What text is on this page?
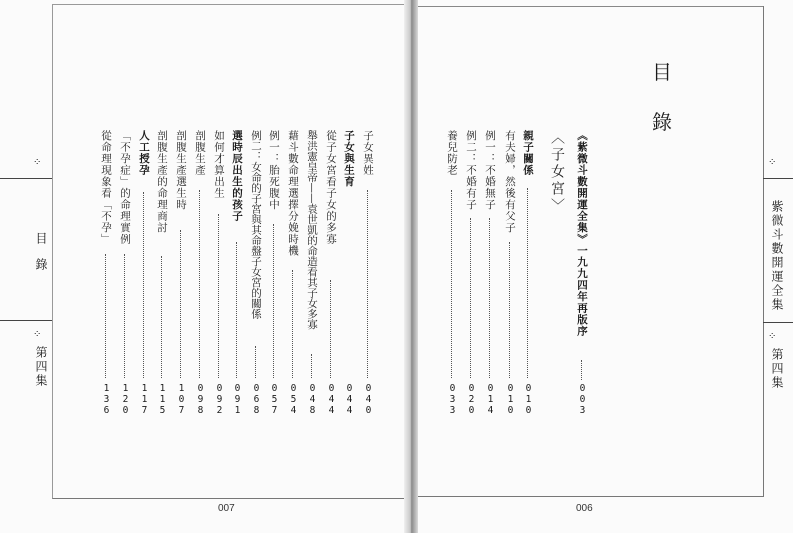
⁘
目錄
⁘
第四集
⁘
紫微斗數開運全集
⁘
第四集
目
錄
《紫微斗數開運全集》一九九四年再版序
003
〈子女宮〉
親子關係
010
有夫婦，然後有父子
010
例一：不婚無子
014
例二：不婚有子
020
養兒防老
033
子女異姓
040
子女與生育
044
從子女宮看子女的多寡
044
舉洪憲皇帝——袁世凱的命造看其子女多寡
048
藉斗數命理選擇分娩時機
054
例一：胎死腹中
057
例二：女命的子宮與其命盤子女宮的關係
068
選時辰出生的孩子
091
如何才算出生
092
剖腹生產
098
剖腹生產選生時
107
剖腹生產的命理商討
115
人工授孕
117
「不孕症」的命理實例
120
從命理現象看「不孕」
136
007	006
